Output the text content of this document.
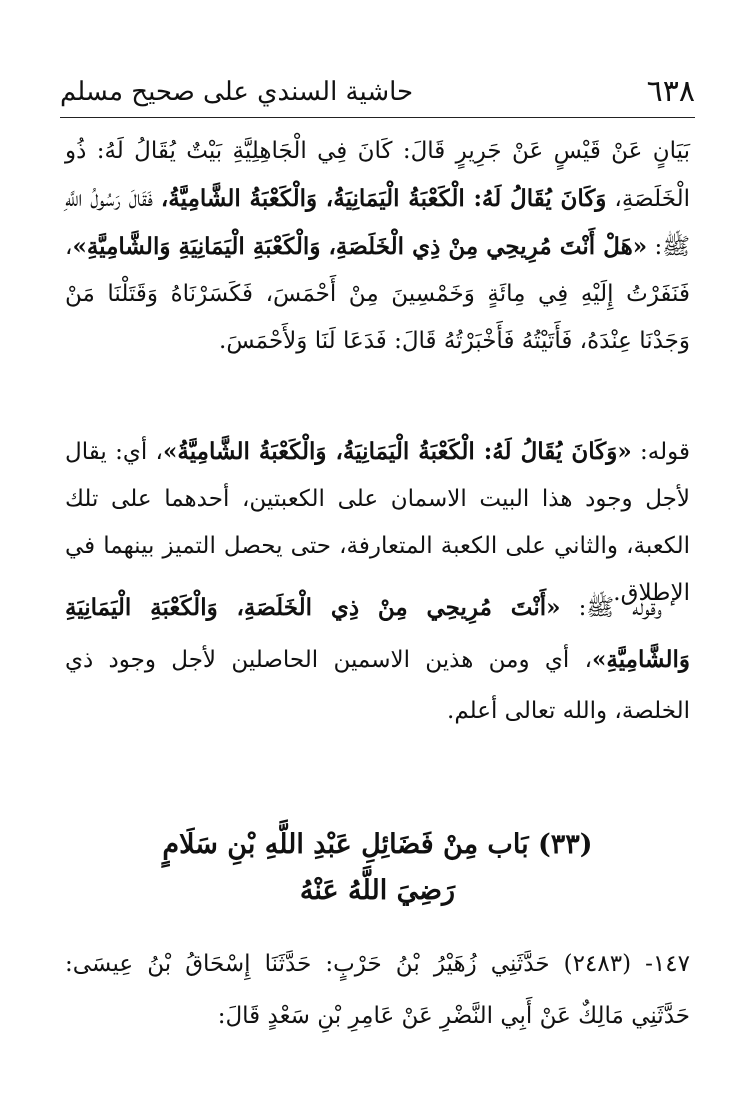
٦٣٨
حاشية السندي على صحيح مسلم
بَيَانٍ عَنْ قَيْسٍ عَنْ جَرِيرٍ قَالَ: كَانَ فِي الْجَاهِلِيَّةِ بَيْتٌ يُقَالُ لَهُ: ذُو الْخَلَصَةِ، وَكَانَ يُقَالُ لَهُ: الْكَعْبَةُ الْيَمَانِيَةُ، وَالْكَعْبَةُ الشَّامِيَّةُ، فَقَالَ رَسُولُ اللَّهِ ﷺ: «هَلْ أَنْتَ مُرِيحِي مِنْ ذِي الْخَلَصَةِ، وَالْكَعْبَةِ الْيَمَانِيَةِ وَالشَّامِيَّةِ»، فَنَفَرْتُ إِلَيْهِ فِي مِائَةٍ وَخَمْسِينَ مِنْ أَحْمَسَ، فَكَسَرْنَاهُ وَقَتَلْنَا مَنْ وَجَدْنَا عِنْدَهُ، فَأَتَيْتُهُ فَأَخْبَرْتُهُ قَالَ: فَدَعَا لَنَا وَلأَحْمَسَ.
قوله: «وَكَانَ يُقَالُ لَهُ: الْكَعْبَةُ الْيَمَانِيَةُ، وَالْكَعْبَةُ الشَّامِيَّةُ»، أي: يقال لأجل وجود هذا البيت الاسمان على الكعبتين، أحدهما على تلك الكعبة، والثاني على الكعبة المتعارفة، حتى يحصل التميز بينهما في الإطلاق.
وقوله ﷺ: «أَنْتَ مُرِيحِي مِنْ ذِي الْخَلَصَةِ، وَالْكَعْبَةِ الْيَمَانِيَةِ وَالشَّامِيَّةِ»، أي ومن هذين الاسمين الحاصلين لأجل وجود ذي الخلصة، والله تعالى أعلم.
(٣٣) بَاب مِنْ فَضَائِلِ عَبْدِ اللَّهِ بْنِ سَلَامٍ
رَضِيَ اللَّهُ عَنْهُ
١٤٧- (٢٤٨٣) حَدَّثَنِي زُهَيْرُ بْنُ حَرْبٍ: حَدَّثَنَا إِسْحَاقُ بْنُ عِيسَى: حَدَّثَنِي مَالِكٌ عَنْ أَبِي النَّضْرِ عَنْ عَامِرِ بْنِ سَعْدٍ قَالَ:
